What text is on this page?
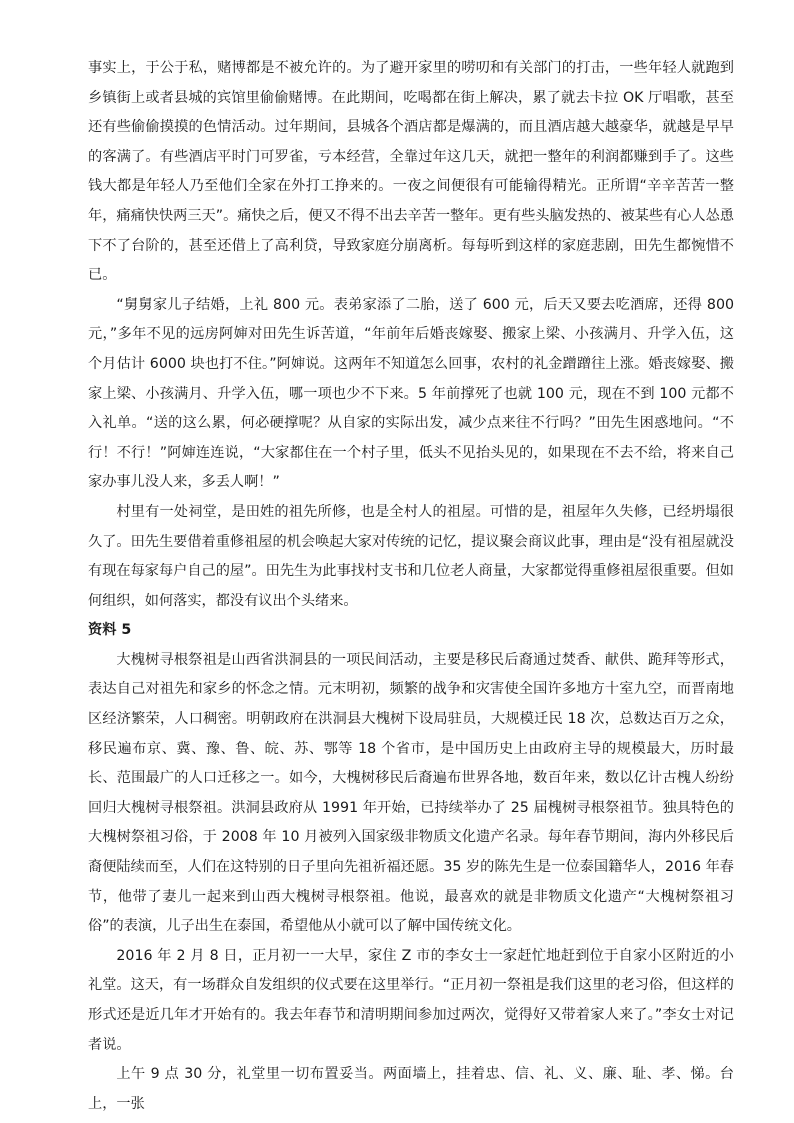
事实上，于公于私，赌博都是不被允许的。为了避开家里的唠叨和有关部门的打击，一些年轻人就跑到乡镇街上或者县城的宾馆里偷偷赌博。在此期间，吃喝都在街上解决，累了就去卡拉 OK 厅唱歌，甚至还有些偷偷摸摸的色情活动。过年期间，县城各个酒店都是爆满的，而且酒店越大越豪华，就越是早早的客满了。有些酒店平时门可罗雀，亏本经营，全靠过年这几天，就把一整年的利润都赚到手了。这些钱大都是年轻人乃至他们全家在外打工挣来的。一夜之间便很有可能输得精光。正所谓“辛辛苦苦一整年，痛痛快快两三天”。痛快之后，便又不得不出去辛苦一整年。更有些头脑发热的、被某些有心人怂恿下不了台阶的，甚至还借上了高利贷，导致家庭分崩离析。每每听到这样的家庭悲剧，田先生都惋惜不已。

“舅舅家儿子结婚，上礼 800 元。表弟家添了二胎，送了 600 元，后天又要去吃酒席，还得 800 元，”多年不见的远房阿婶对田先生诉苦道，“年前年后婚丧嫁娶、搬家上梁、小孩满月、升学入伍，这个月估计 6000 块也打不住。”阿婶说。这两年不知道怎么回事，农村的礼金蹭蹭往上涨。婚丧嫁娶、搬家上梁、小孩满月、升学入伍，哪一项也少不下来。5 年前撑死了也就 100 元，现在不到 100 元都不入礼单。“送的这么累，何必硬撑呢？从自家的实际出发，减少点来往不行吗？”田先生困惑地问。“不行！不行！”阿婶连连说，“大家都住在一个村子里，低头不见抬头见的，如果现在不去不给，将来自己家办事儿没人来，多丢人啊！”

村里有一处祠堂，是田姓的祖先所修，也是全村人的祖屋。可惜的是，祖屋年久失修，已经坍塌很久了。田先生要借着重修祖屋的机会唤起大家对传统的记忆，提议聚会商议此事，理由是“没有祖屋就没有现在每家每户自己的屋”。田先生为此事找村支书和几位老人商量，大家都觉得重修祖屋很重要。但如何组织，如何落实，都没有议出个头绪来。

资料 5

大槐树寻根祭祖是山西省洪洞县的一项民间活动，主要是移民后裔通过焚香、献供、跪拜等形式，表达自己对祖先和家乡的怀念之情。元末明初，频繁的战争和灾害使全国许多地方十室九空，而晋南地区经济繁荣，人口稠密。明朝政府在洪洞县大槐树下设局驻员，大规模迁民 18 次，总数达百万之众，移民遍布京、冀、豫、鲁、皖、苏、鄂等 18 个省市，是中国历史上由政府主导的规模最大，历时最长、范围最广的人口迁移之一。如今，大槐树移民后裔遍布世界各地，数百年来，数以亿计古槐人纷纷回归大槐树寻根祭祖。洪洞县政府从 1991 年开始，已持续举办了 25 届槐树寻根祭祖节。独具特色的大槐树祭祖习俗，于 2008 年 10 月被列入国家级非物质文化遗产名录。每年春节期间，海内外移民后裔便陆续而至，人们在这特别的日子里向先祖祈福还愿。35 岁的陈先生是一位泰国籍华人，2016 年春节，他带了妻儿一起来到山西大槐树寻根祭祖。他说，最喜欢的就是非物质文化遗产“大槐树祭祖习俗”的表演，儿子出生在泰国，希望他从小就可以了解中国传统文化。

2016 年 2 月 8 日，正月初一一大早，家住 Z 市的李女士一家赶忙地赶到位于自家小区附近的小礼堂。这天，有一场群众自发组织的仪式要在这里举行。“正月初一祭祖是我们这里的老习俗，但这样的形式还是近几年才开始有的。我去年春节和清明期间参加过两次，觉得好又带着家人来了。”李女士对记者说。

上午 9 点 30 分，礼堂里一切布置妥当。两面墙上，挂着忠、信、礼、义、廉、耻、孝、悌。台上，一张
